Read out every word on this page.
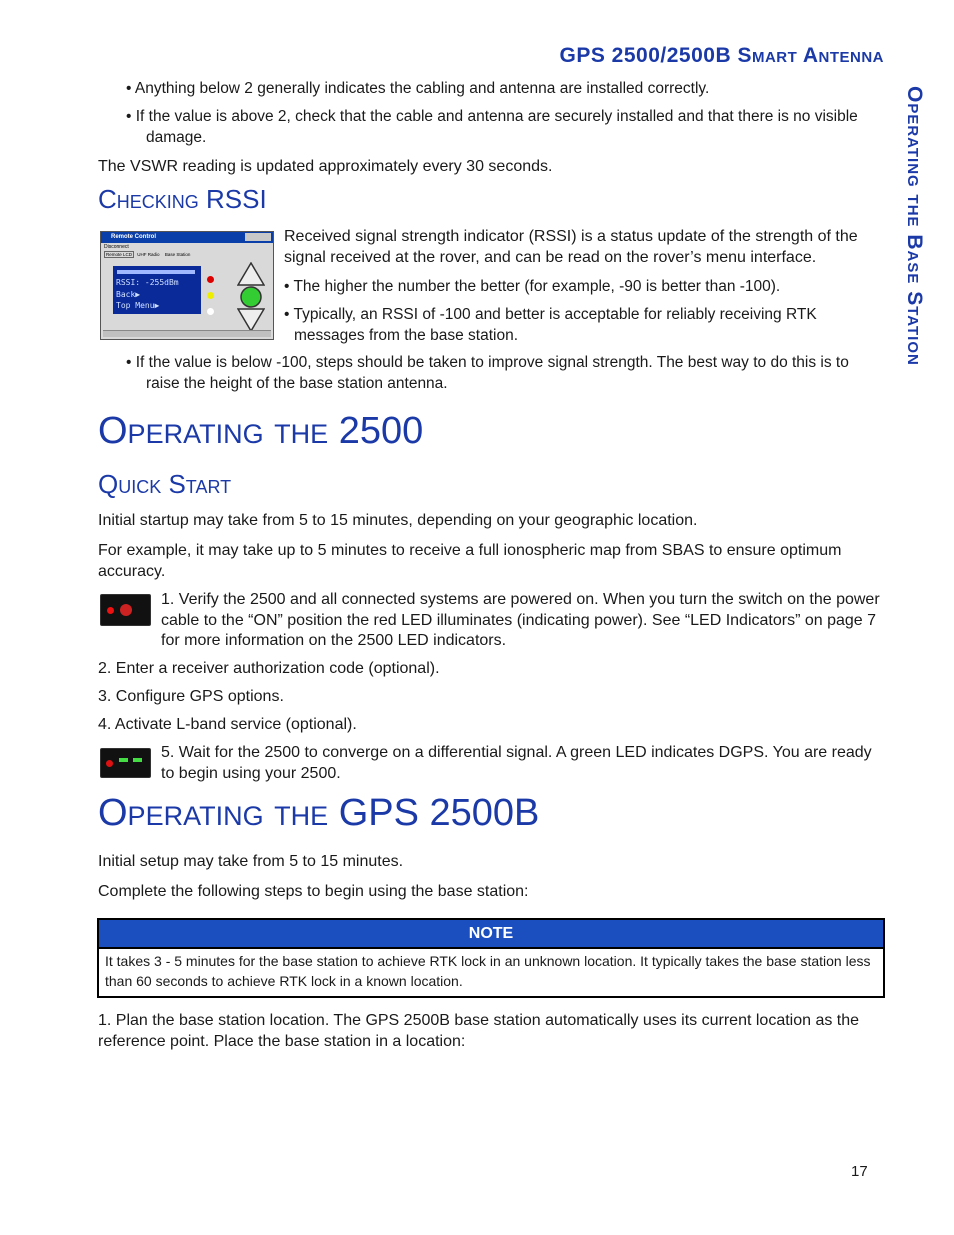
GPS 2500/2500B Smart Antenna
Operating the Base Station
• Anything below 2 generally indicates the cabling and antenna are installed correctly.
• If the value is above 2, check that the cable and antenna are securely installed and that there is no visible damage.
The VSWR reading is updated approximately every 30 seconds.
Checking RSSI
Remote Control
Disconnect
Remote LCD UHF Radio Base Station
RSSI: -255dBm
Back▶
Top Menu▶
Received signal strength indicator (RSSI) is a status update of the strength of the signal received at the rover, and can be read on the rover’s menu interface.
• The higher the number the better (for example, -90 is better than -100).
• Typically, an RSSI of -100 and better is acceptable for reliably receiving RTK messages from the base station.
• If the value is below -100, steps should be taken to improve signal strength. The best way to do this is to raise the height of the base station antenna.
Operating the 2500
Quick Start
Initial startup may take from 5 to 15 minutes, depending on your geographic location.
For example, it may take up to 5 minutes to receive a full ionospheric map from SBAS to ensure optimum accuracy.
1. Verify the 2500 and all connected systems are powered on. When you turn the switch on the power cable to the “ON” position the red LED illuminates (indicating power). See “LED Indicators” on page 7 for more information on the 2500 LED indicators.
2. Enter a receiver authorization code (optional).
3. Configure GPS options.
4. Activate L-band service (optional).
5. Wait for the 2500 to converge on a differential signal. A green LED indicates DGPS. You are ready to begin using your 2500.
Operating the GPS 2500B
Initial setup may take from 5 to 15 minutes.
Complete the following steps to begin using the base station:
NOTE
It takes 3 - 5 minutes for the base station to achieve RTK lock in an unknown location. It typically takes the base station less than 60 seconds to achieve RTK lock in a known location.
1. Plan the base station location. The GPS 2500B base station automatically uses its current location as the reference point. Place the base station in a location:
17
